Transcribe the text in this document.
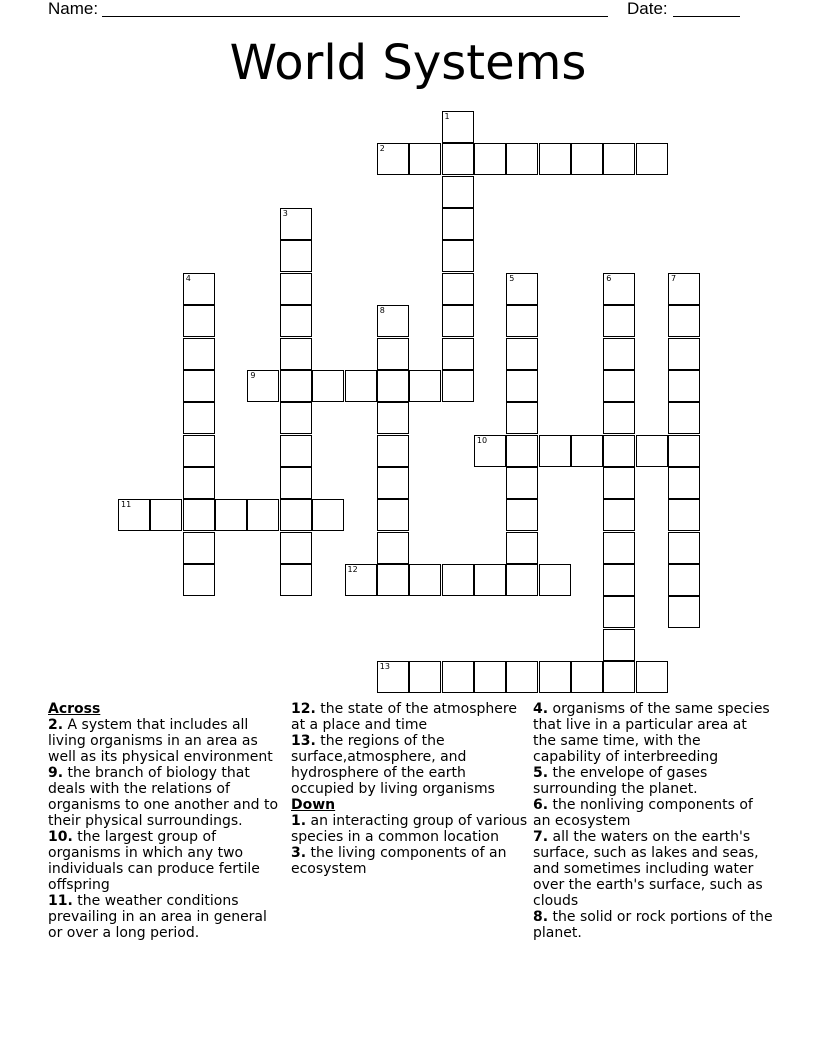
Name:	Date:
World Systems
1
2
3
4	5	6	7
8
9
10
11
12
13

Across

2. A system that includes all living organisms in an area as well as its physical environment

9. the branch of biology that deals with the relations of organisms to one another and to their physical surroundings.

10. the largest group of organisms in which any two individuals can produce fertile offspring

11. the weather conditions prevailing in an area in general or over a long period.

12. the state of the atmosphere at a place and time

13. the regions of the surface,atmosphere, and hydrosphere of the earth occupied by living organisms

Down

1. an interacting group of various species in a common location

3. the living components of an ecosystem

4. organisms of the same species that live in a particular area at the same time, with the capability of interbreeding

5. the envelope of gases surrounding the planet.

6. the nonliving components of an ecosystem

7. all the waters on the earth's surface, such as lakes and seas, and sometimes including water over the earth's surface, such as clouds

8. the solid or rock portions of the planet.
